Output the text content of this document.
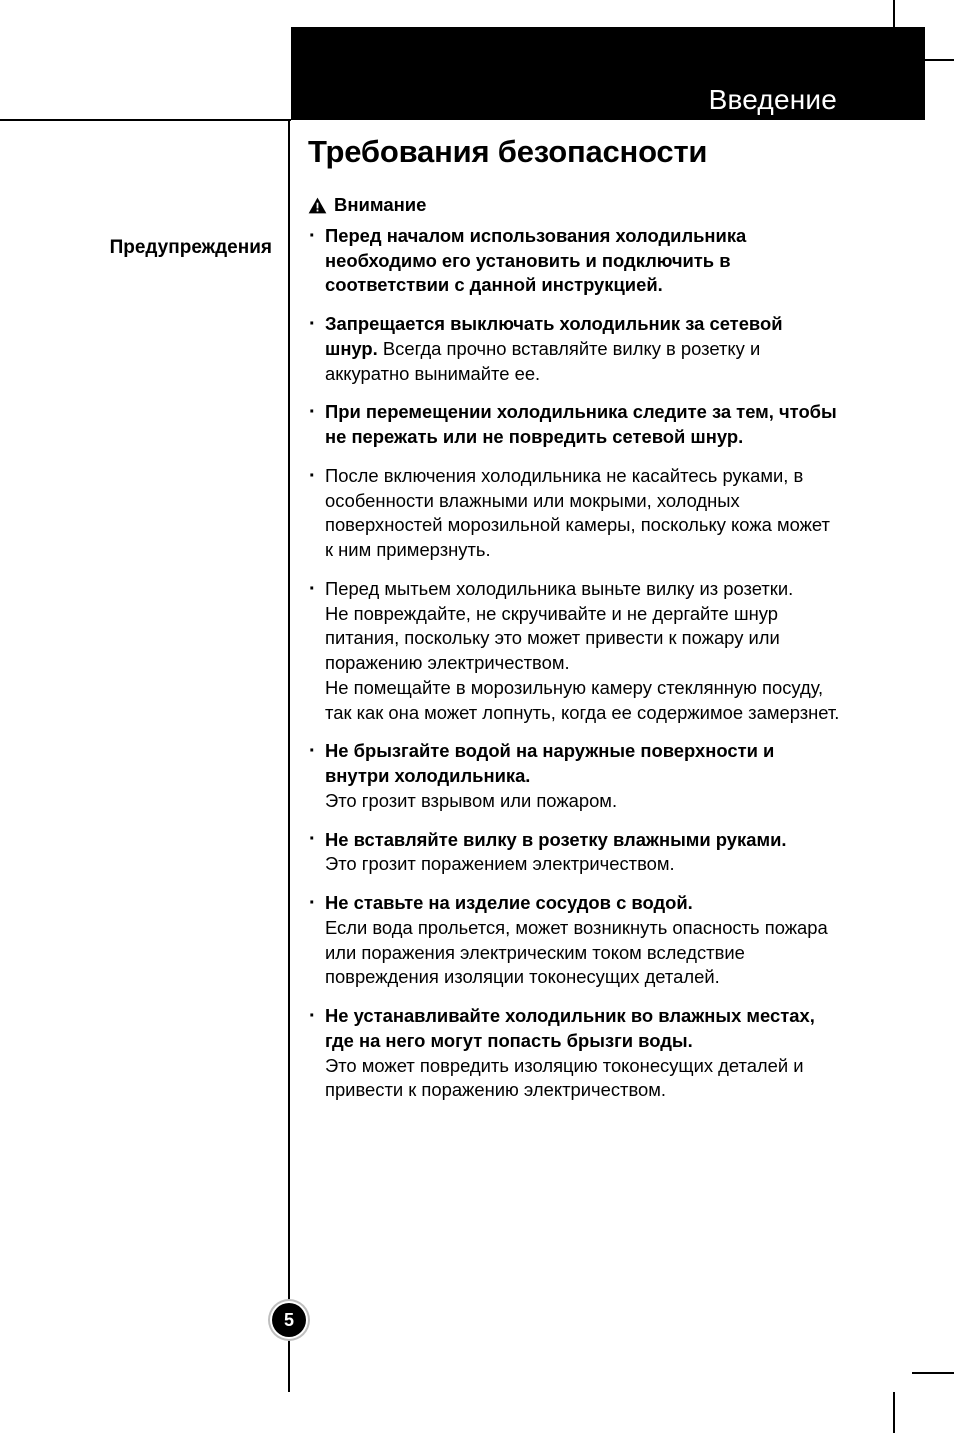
Введение
Предупреждения
Требования безопасности
Внимание
· Перед началом использования холодильника необходимо его установить и подключить в соответствии с данной инструкцией.
· Запрещается выключать холодильник за сетевой шнур. Всегда прочно вставляйте вилку в розетку и аккуратно вынимайте ее.
· При перемещении холодильника следите за тем, чтобы не пережать или не повредить сетевой шнур.
· После включения холодильника не касайтесь руками, в особенности влажными или мокрыми, холодных поверхностей морозильной камеры, поскольку кожа может к ним примерзнуть.
· Перед мытьем холодильника выньте вилку из розетки.
Не повреждайте, не скручивайте и не дергайте шнур питания, поскольку это может привести к пожару или поражению электричеством.
Не помещайте в морозильную камеру стеклянную посуду, так как она может лопнуть, когда ее содержимое замерзнет.
· Не брызгайте водой на наружные поверхности и внутри холодильника.
Это грозит взрывом или пожаром.
· Не вставляйте вилку в розетку влажными руками.
Это грозит поражением электричеством.
· Не ставьте на изделие сосудов с водой.
Если вода прольется, может возникнуть опасность пожара или поражения электрическим током вследствие повреждения изоляции токонесущих деталей.
· Не устанавливайте холодильник во влажных местах, где на него могут попасть брызги воды.
Это может повредить изоляцию токонесущих деталей и привести к поражению электричеством.
5
